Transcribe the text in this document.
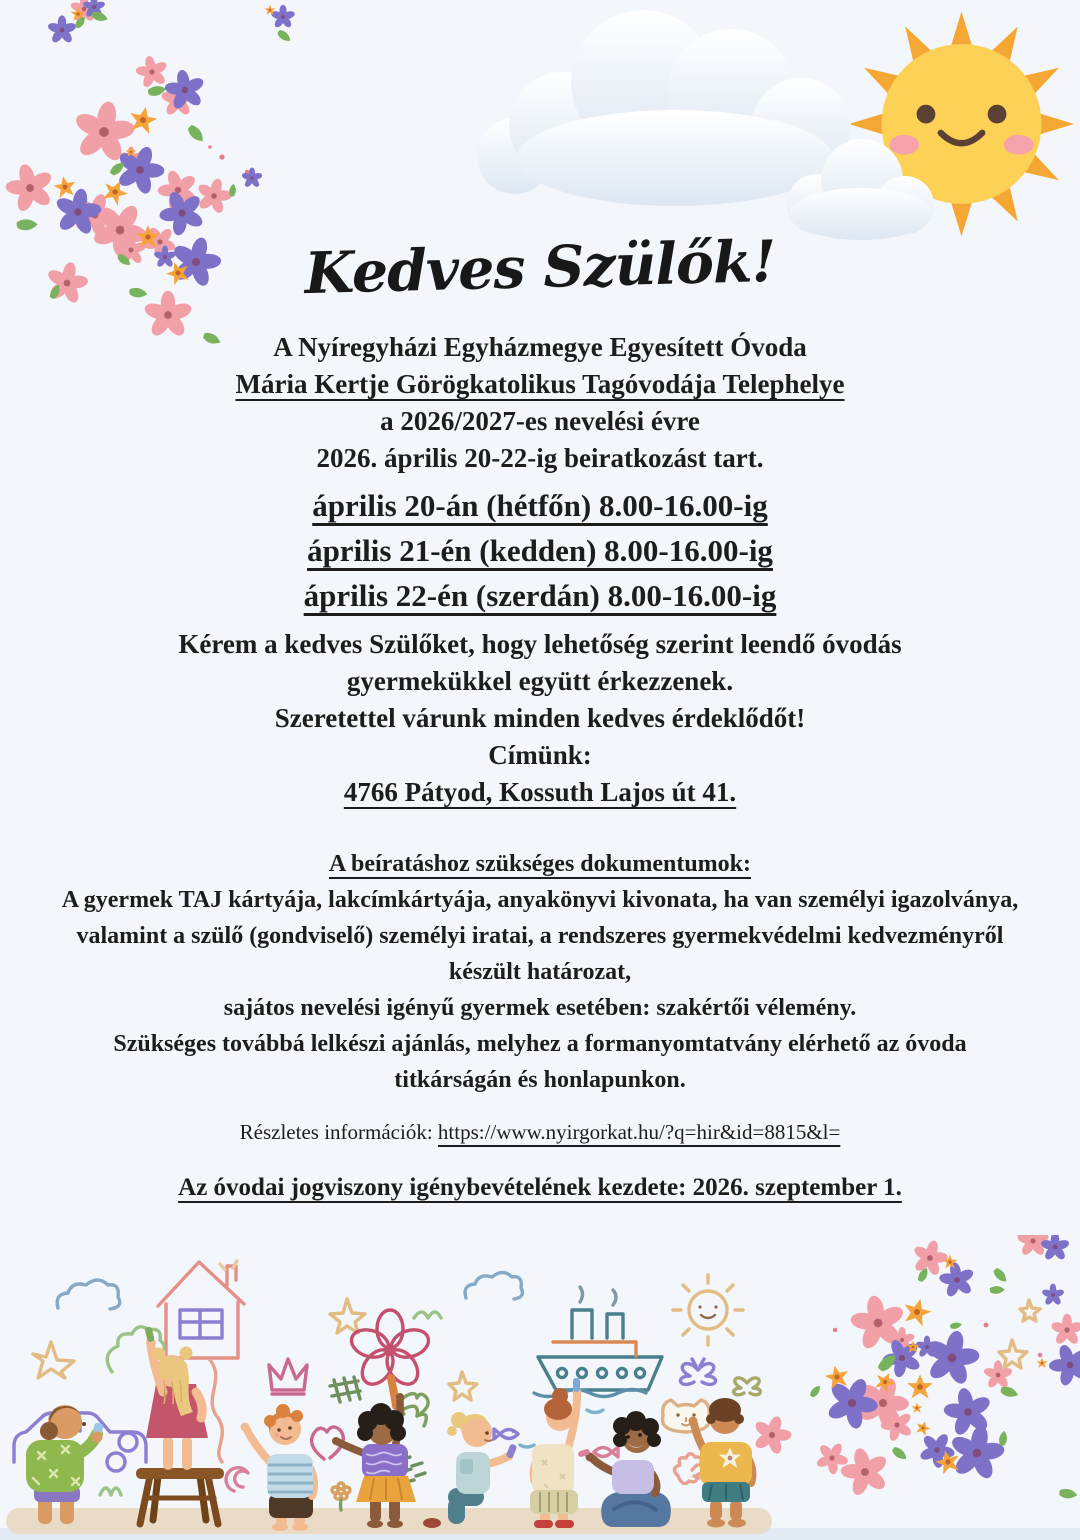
Kedves Szülők!

A Nyíregyházi Egyházmegye Egyesített Óvoda

Mária Kertje Görögkatolikus Tagóvodája Telephelye

a 2026/2027-es nevelési évre

2026. április 20-22-ig beiratkozást tart.

április 20-án (hétfőn) 8.00-16.00-ig

április 21-én (kedden) 8.00-16.00-ig

április 22-én (szerdán) 8.00-16.00-ig

Kérem a kedves Szülőket, hogy lehetőség szerint leendő óvodás gyermekükkel együtt érkezzenek.

Szeretettel várunk minden kedves érdeklődőt!

Címünk:

4766 Pátyod, Kossuth Lajos út 41.

A beíratáshoz szükséges dokumentumok:

A gyermek TAJ kártyája, lakcímkártyája, anyakönyvi kivonata, ha van személyi igazolványa, valamint a szülő (gondviselő) személyi iratai, a rendszeres gyermekvédelmi kedvezményről készült határozat,

sajátos nevelési igényű gyermek esetében: szakértői vélemény.

Szükséges továbbá lelkészi ajánlás, melyhez a formanyomtatvány elérhető az óvoda titkárságán és honlapunkon.

Részletes információk: https://www.nyirgorkat.hu/?q=hir&id=8815&l=

Az óvodai jogviszony igénybevételének kezdete: 2026. szeptember 1.
